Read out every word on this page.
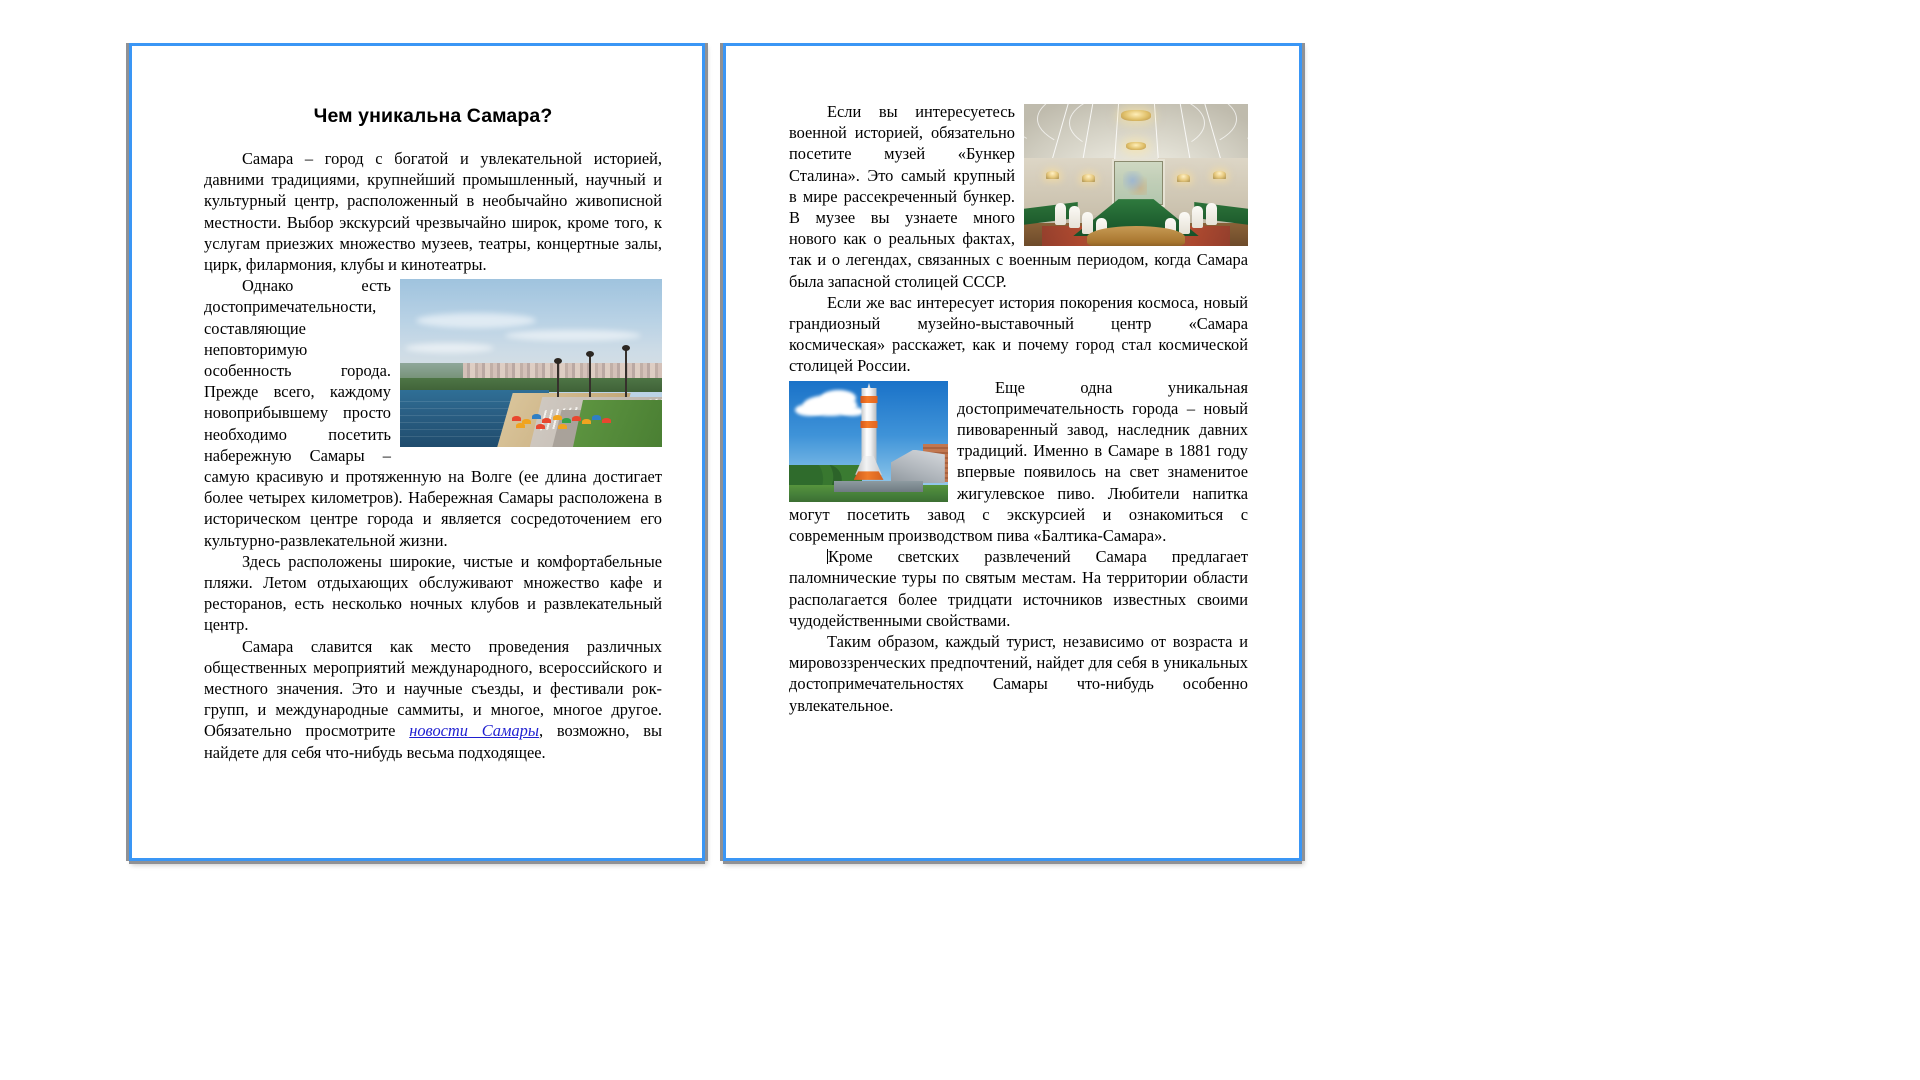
Чем уникальна Самара?

Самара – город с богатой и увлекательной историей, давними традициями, крупнейший промышленный, научный и культурный центр, расположенный в необычайно живописной местности. Выбор экскурсий чрезвычайно широк, кроме того, к услугам приезжих множество музеев, театры, концертные залы, цирк, филармония, клубы и кинотеатры.

Однако есть достопримечательности, составляющие неповторимую особенность города. Прежде всего, каждому новоприбывшему просто необходимо посетить набережную Самары – самую красивую и протяженную на Волге (ее длина достигает более четырех километров). Набережная Самары расположена в историческом центре города и является сосредоточением его культурно-развлекательной жизни.

Здесь расположены широкие, чистые и комфортабельные пляжи. Летом отдыхающих обслуживают множество кафе и ресторанов, есть несколько ночных клубов и развлекательный центр.

Самара славится как место проведения различных общественных мероприятий международного, всероссийского и местного значения. Это и научные съезды, и фестивали рок-групп, и международные саммиты, и многое, многое другое. Обязательно просмотрите новости Самары, возможно, вы найдете для себя что-нибудь весьма подходящее.

Если вы интересуетесь военной историей, обязательно посетите музей «Бункер Сталина». Это самый крупный в мире рассекреченный бункер. В музее вы узнаете много нового как о реальных фактах, так и о легендах, связанных с военным периодом, когда Самара была запасной столицей СССР.

Если же вас интересует история покорения космоса, новый грандиозный музейно-выставочный центр «Самара космическая» расскажет, как и почему город стал космической столицей России.

Еще одна уникальная достопримечательность города – новый пивоваренный завод, наследник давних традиций. Именно в Самаре в 1881 году впервые появилось на свет знаменитое жигулевское пиво. Любители напитка могут посетить завод с экскурсией и ознакомиться с современным производством пива «Балтика-Самара».

Кроме светских развлечений Самара предлагает паломнические туры по святым местам. На территории области располагается более тридцати источников известных своими чудодейственными свойствами.

Таким образом, каждый турист, независимо от возраста и мировоззренческих предпочтений, найдет для себя в уникальных достопримечательностях Самары что-нибудь особенно увлекательное.
